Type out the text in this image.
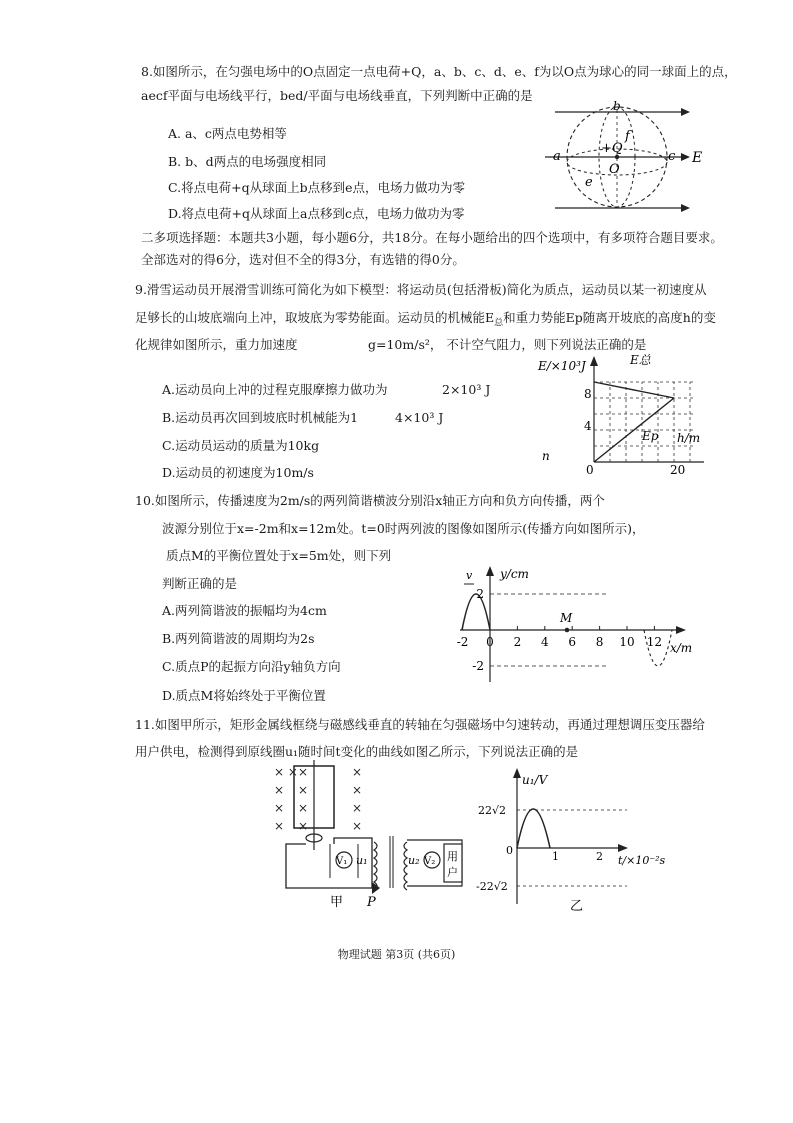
8.如图所示，在匀强电场中的O点固定一点电荷+Q，a、b、c、d、e、f为以O点为球心的同一球面上的点，
aecf平面与电场线平行，bed/平面与电场线垂直，下列判断中正确的是
A. a、c两点电势相等
B. b、d两点的电场强度相同
C.将点电荷+q从球面上b点移到e点，电场力做功为零
D.将点电荷+q从球面上a点移到c点，电场力做功为零
a
b
c
e
f
+Q
O
E
二多项选择题：本题共3小题，每小题6分，共18分。在每小题给出的四个选项中，有多项符合题目要求。
全部选对的得6分，选对但不全的得3分，有选错的得0分。
9.滑雪运动员开展滑雪训练可简化为如下模型：将运动员(包括滑板)简化为质点，运动员以某一初速度从
足够长的山坡底端向上冲，取坡底为零势能面。运动员的机械能$E_总$和重力势能Ep随离开坡底的高度h的变
化规律如图所示，重力加速度	g=10m/s²， 不计空气阻力，则下列说法正确的是
A.运动员向上冲的过程克服摩擦力做功为	2×10³ J
B.运动员再次回到坡底时机械能为1	4×10³ J
C.运动员运动的质量为10kg
D.运动员的初速度为10m/s
E/×10³J	E总
Ep h/m
8
4
0	20
n
10.如图所示，传播速度为2m/s的两列简谐横波分别沿x轴正方向和负方向传播，两个
波源分别位于x=-2m和x=12m处。t=0时两列波的图像如图所示(传播方向如图所示)，
质点M的平衡位置处于x=5m处，则下列
判断正确的是
A.两列简谐波的振幅均为4cm
B.两列简谐波的周期均为2s
C.质点P的起振方向沿y轴负方向
D.质点M将始终处于平衡位置
y/cm
x/m
2
-2
v
M
-2 0 2 4 6 8 10 12
11.如图甲所示，矩形金属线框绕与磁感线垂直的转轴在匀强磁场中匀速转动，再通过理想调压变压器给
用户供电，检测得到原线圈u₁随时间t变化的曲线如图乙所示，下列说法正确的是
× × ×	×
× ×	×
× ×	×
× ×	×
V₁ u₁	u₂ V₂ 用
户
P
甲
u₁/V
t/×10⁻²s
22√2
-22√2
0	1	2
乙
物理试题 第3页 (共6页)
